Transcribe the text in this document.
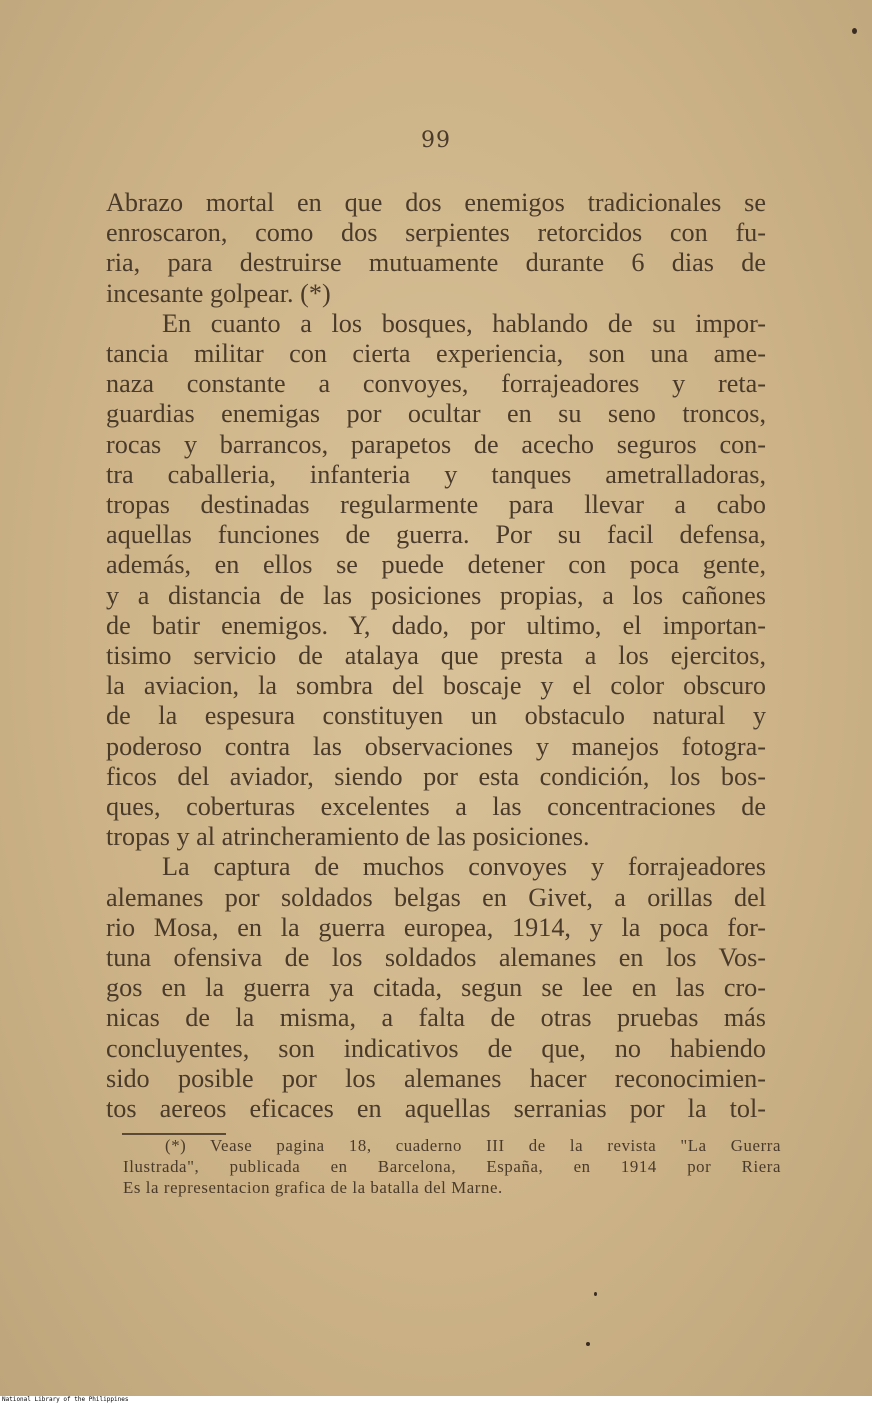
99
Abrazo mortal en que dos enemigos tradicionales se
enroscaron, como dos serpientes retorcidos con fu-
ria, para destruirse mutuamente durante 6 dias de
incesante golpear. (*)
En cuanto a los bosques, hablando de su impor-
tancia militar con cierta experiencia, son una ame-
naza constante a convoyes, forrajeadores y reta-
guardias enemigas por ocultar en su seno troncos,
rocas y barrancos, parapetos de acecho seguros con-
tra caballeria, infanteria y tanques ametralladoras,
tropas destinadas regularmente para llevar a cabo
aquellas funciones de guerra. Por su facil defensa,
además, en ellos se puede detener con poca gente,
y a distancia de las posiciones propias, a los cañones
de batir enemigos. Y, dado, por ultimo, el importan-
tisimo servicio de atalaya que presta a los ejercitos,
la aviacion, la sombra del boscaje y el color obscuro
de la espesura constituyen un obstaculo natural y
poderoso contra las observaciones y manejos fotogra-
ficos del aviador, siendo por esta condición, los bos-
ques, coberturas excelentes a las concentraciones de
tropas y al atrincheramiento de las posiciones.
La captura de muchos convoyes y forrajeadores
alemanes por soldados belgas en Givet, a orillas del
rio Mosa, en la guerra europea, 1914, y la poca for-
tuna ofensiva de los soldados alemanes en los Vos-
gos en la guerra ya citada, segun se lee en las cro-
nicas de la misma, a falta de otras pruebas más
concluyentes, son indicativos de que, no habiendo
sido posible por los alemanes hacer reconocimien-
tos aereos eficaces en aquellas serranias por la tol-
(*) Vease pagina 18, cuaderno III de la revista "La Guerra
Ilustrada", publicada en Barcelona, España, en 1914 por Riera
Es la representacion grafica de la batalla del Marne.
National Library of the Philippines
